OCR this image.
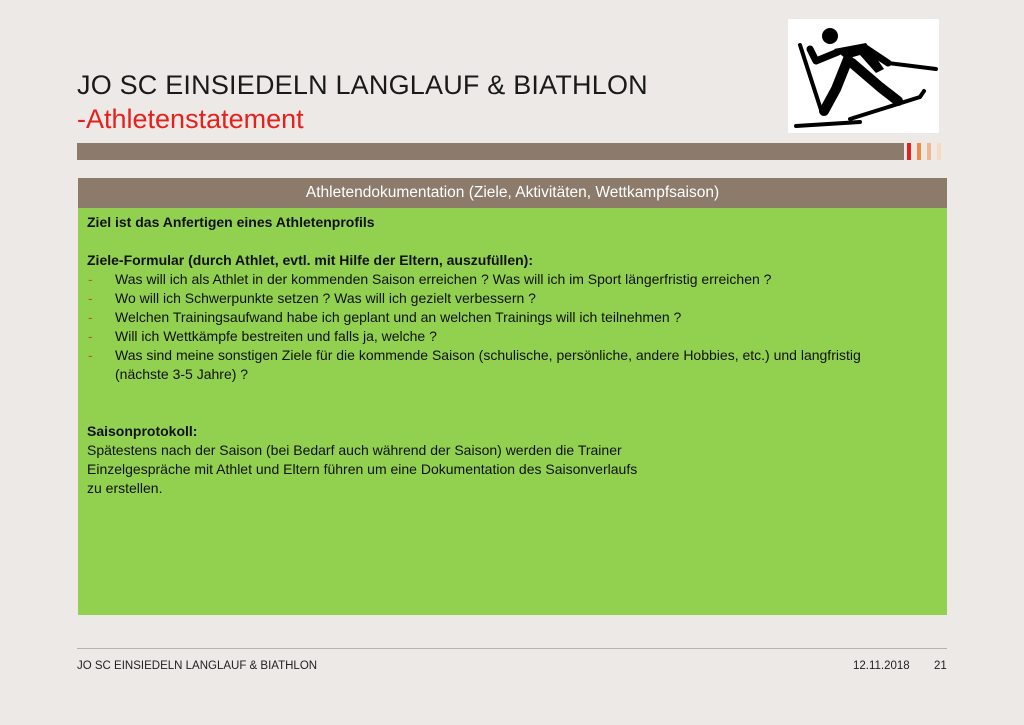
JO SC EINSIEDELN LANGLAUF & BIATHLON
-Athletenstatement
Athletendokumentation (Ziele, Aktivitäten, Wettkampfsaison)
Ziel ist das Anfertigen eines Athletenprofils
Ziele-Formular (durch Athlet, evtl. mit Hilfe der Eltern, auszufüllen):
-	Was will ich als Athlet in der kommenden Saison erreichen ? Was will ich im Sport längerfristig erreichen ?
-	Wo will ich Schwerpunkte setzen ? Was will ich gezielt verbessern ?
-	Welchen Trainingsaufwand habe ich geplant und an welchen Trainings will ich teilnehmen ?
-	Will ich Wettkämpfe bestreiten und falls ja, welche ?
-	Was sind meine sonstigen Ziele für die kommende Saison (schulische, persönliche, andere Hobbies, etc.) und langfristig (nächste 3-5 Jahre) ?
Saisonprotokoll:
Spätestens nach der Saison (bei Bedarf auch während der Saison) werden die Trainer
Einzelgespräche mit Athlet und Eltern führen um eine Dokumentation des Saisonverlaufs
zu erstellen.
JO SC EINSIEDELN LANGLAUF & BIATHLON	12.11.2018 21
